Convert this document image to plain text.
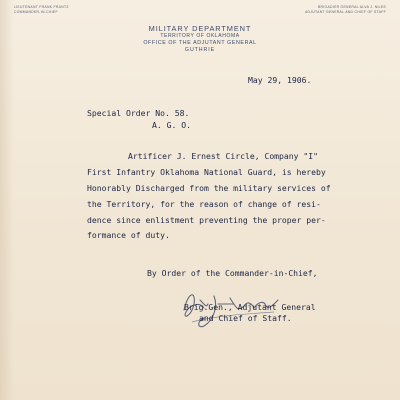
LIEUTENANT FRANK FRANTZ
COMMANDER-IN-CHIEF
BRIGADIER GENERAL ALVA J. NILES
ADJUTANT GENERAL AND CHIEF OF STAFF
MILITARY DEPARTMENT
TERRITORY OF OKLAHOMA
OFFICE OF THE ADJUTANT GENERAL
GUTHRIE
May 29, 1906.
Special Order No. 58.
A. G. O.
Artificer J. Ernest Circle, Company "I"
First Infantry Oklahoma National Guard, is hereby
Honorably Discharged from the military services of
the Territory, for the reason of change of resi-
dence since enlistment preventing the proper per-
formance of duty.
By Order of the Commander-in-Chief,
Brig.Gen., Adjutant General
and Chief of Staff.
